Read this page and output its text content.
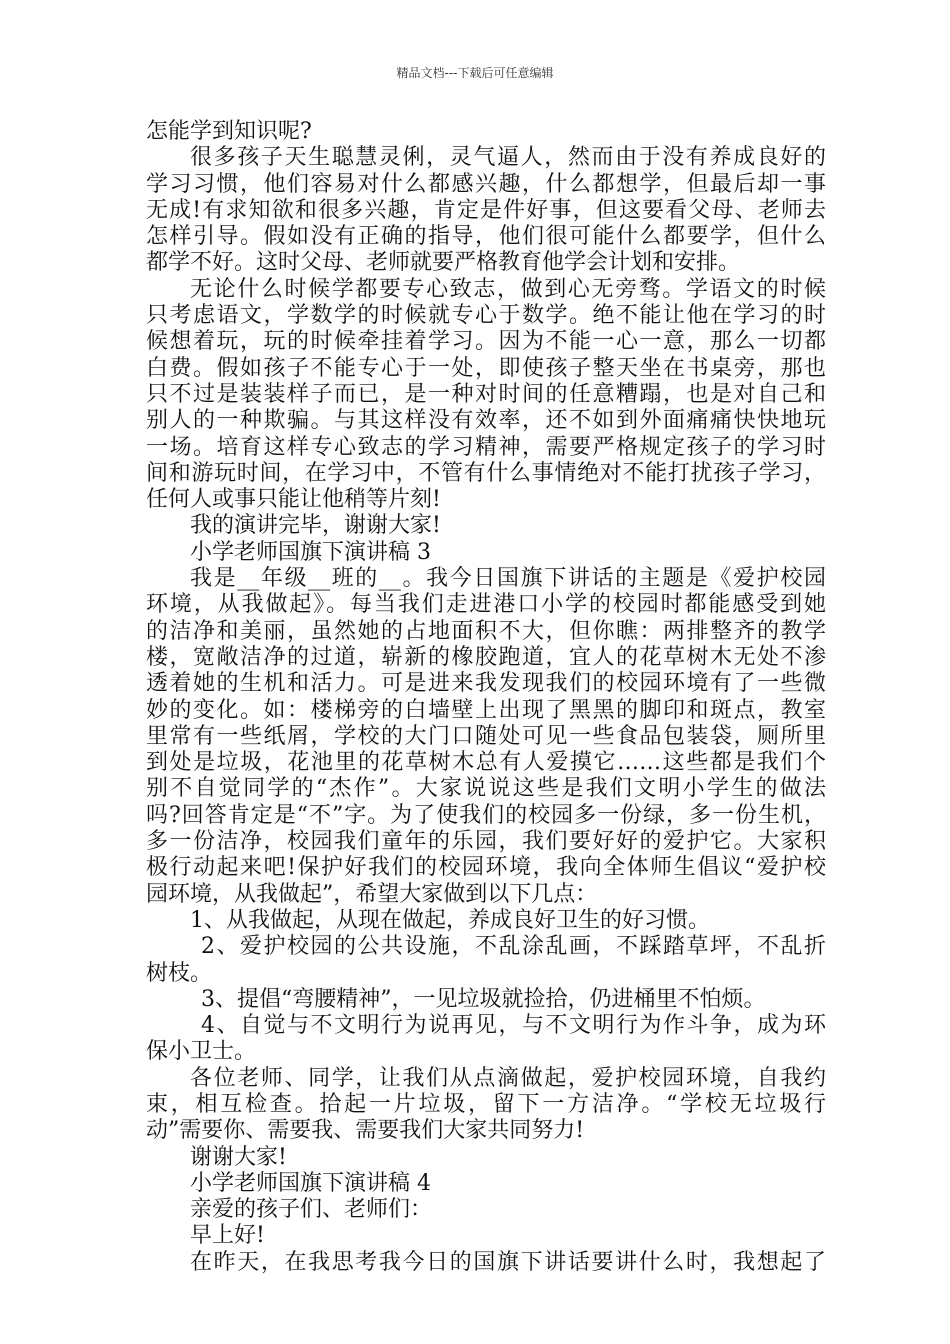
精品文档---下载后可任意编辑
怎能学到知识呢?
很多孩子天生聪慧灵俐，灵气逼人，然而由于没有养成良好的
学习习惯，他们容易对什么都感兴趣，什么都想学，但最后却一事
无成!有求知欲和很多兴趣，肯定是件好事，但这要看父母、老师去
怎样引导。假如没有正确的指导，他们很可能什么都要学，但什么
都学不好。这时父母、老师就要严格教育他学会计划和安排。
无论什么时候学都要专心致志，做到心无旁骛。学语文的时候
只考虑语文，学数学的时候就专心于数学。绝不能让他在学习的时
候想着玩，玩的时候牵挂着学习。因为不能一心一意，那么一切都
白费。假如孩子不能专心于一处，即使孩子整天坐在书桌旁，那也
只不过是装装样子而已，是一种对时间的任意糟蹋，也是对自己和
别人的一种欺骗。与其这样没有效率，还不如到外面痛痛快快地玩
一场。培育这样专心致志的学习精神，需要严格规定孩子的学习时
间和游玩时间，在学习中，不管有什么事情绝对不能打扰孩子学习，
任何人或事只能让他稍等片刻!
我的演讲完毕，谢谢大家!
小学老师国旗下演讲稿 3
我是__年级__班的__。我今日国旗下讲话的主题是《爱护校园
环境，从我做起》。每当我们走进港口小学的校园时都能感受到她
的洁净和美丽，虽然她的占地面积不大，但你瞧：两排整齐的教学
楼，宽敞洁净的过道，崭新的橡胶跑道，宜人的花草树木无处不渗
透着她的生机和活力。可是进来我发现我们的校园环境有了一些微
妙的变化。如：楼梯旁的白墙壁上出现了黑黑的脚印和斑点，教室
里常有一些纸屑，学校的大门口随处可见一些食品包装袋，厕所里
到处是垃圾，花池里的花草树木总有人爱摸它……这些都是我们个
别不自觉同学的“杰作”。大家说说这些是我们文明小学生的做法
吗?回答肯定是“不”字。为了使我们的校园多一份绿，多一份生机，
多一份洁净，校园我们童年的乐园，我们要好好的爱护它。大家积
极行动起来吧!保护好我们的校园环境，我向全体师生倡议“爱护校
园环境，从我做起”，希望大家做到以下几点：
1、从我做起，从现在做起，养成良好卫生的好习惯。
2、爱护校园的公共设施，不乱涂乱画，不踩踏草坪，不乱折
树枝。
3、提倡“弯腰精神”，一见垃圾就捡拾，仍进桶里不怕烦。
4、自觉与不文明行为说再见，与不文明行为作斗争，成为环
保小卫士。
各位老师、同学，让我们从点滴做起，爱护校园环境，自我约
束，相互检查。拾起一片垃圾，留下一方洁净。“学校无垃圾行
动”需要你、需要我、需要我们大家共同努力!
谢谢大家!
小学老师国旗下演讲稿 4
亲爱的孩子们、老师们：
早上好!
在昨天，在我思考我今日的国旗下讲话要讲什么时，我想起了
